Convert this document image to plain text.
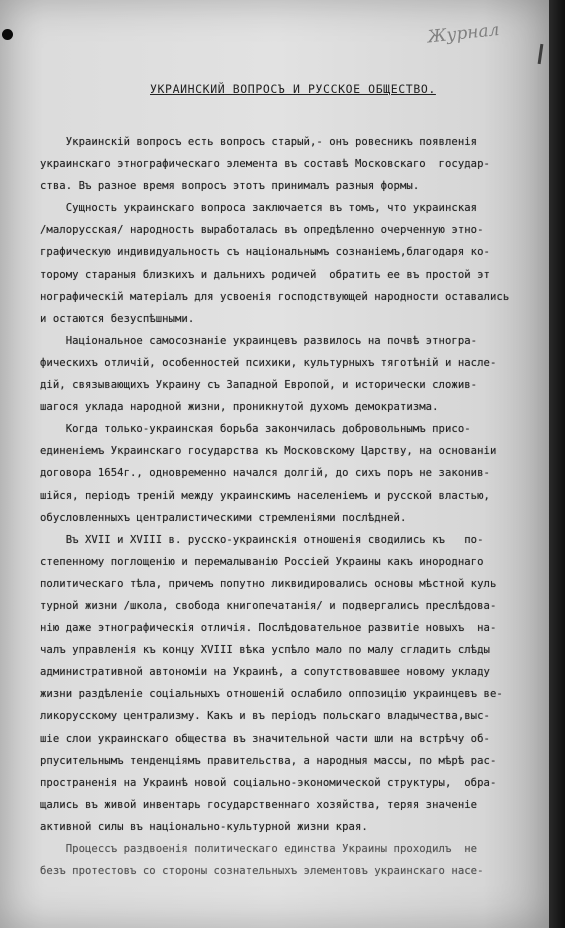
Журнал
УКРАИНСКИЙ ВОПРОСЪ И РУССКОЕ ОБЩЕСТВО.
Украинскiй вопросъ есть вопросъ старый,- онъ ровесникъ появленiя
украинскаго этнографическаго элемента въ составѣ Московскаго  государ-
ства. Въ разное время вопросъ этотъ принималъ разныя формы.
Сущность украинскаго вопроса заключается въ томъ, что украинская
/малорусская/ народность выработалась въ опредѣленно очерченную этно-
графическую индивидуальность съ нацiональнымъ сознанiемъ,благодаря ко-
торому стараныя близкихъ и дальнихъ родичей  обратить ее въ простой эт
нографическiй матерiалъ для усвоенiя господствующей народности оставались
и остаются безуспѣшными.
Нацiональное самосознанiе украинцевъ развилось на почвѣ этногра-
фическихъ отличiй, особенностей психики, культурныхъ тяготѣнiй и насле-
дiй, связывающихъ Украину съ Западной Европой, и исторически сложив-
шагося уклада народной жизни, проникнутой духомъ демократизма.
Когда только-украинская борьба закончилась добровольнымъ присо-
единенiемъ Украинскаго государства къ Московскому Царству, на основанiи
договора 1654г., одновременно начался долгiй, до сихъ поръ не законив-
шiйся, перiодъ тренiй между украинскимъ населенiемъ и русской властью,
обусловленныхъ централистическими стремленiями послѣдней.
Въ XVII и XVIII в. русско-украинскiя отношенiя сводились къ   по-
степенному поглощенiю и перемалыванiю Россiей Украины какъ инороднаго
политическаго тѣла, причемъ попутно ликвидировались основы мѣстной куль
турной жизни /школа, свобода книгопечатанiя/ и подвергались преслѣдова-
нiю даже этнографическiя отличiя. Послѣдовательное развитiе новыхъ  на-
чалъ управленiя къ концу XVIII вѣка успѣло мало по малу сгладить слѣды
административной автономiи на Украинѣ, а сопутствовавшее новому укладу
жизни раздѣленiе соцiальныхъ отношенiй ослабило оппозицiю украинцевъ ве-
ликорусскому централизму. Какъ и въ перiодъ польскаго владычества,выс-
шiе слои украинскаго общества въ значительной части шли на встрѣчу об-
рпусительнымъ тенденцiямъ правительства, а народныя массы, по мѣрѣ рас-
пространенiя на Украинѣ новой соцiально-экономической структуры,  обра-
щались въ живой инвентарь государственнаго хозяйства, теряя значенiе
активной силы въ нацiонально-культурной жизни края.
Процессъ раздвоенiя политическаго единства Украины проходилъ  не
безъ протестовъ со стороны сознательныхъ элементовъ украинскаго насе-
